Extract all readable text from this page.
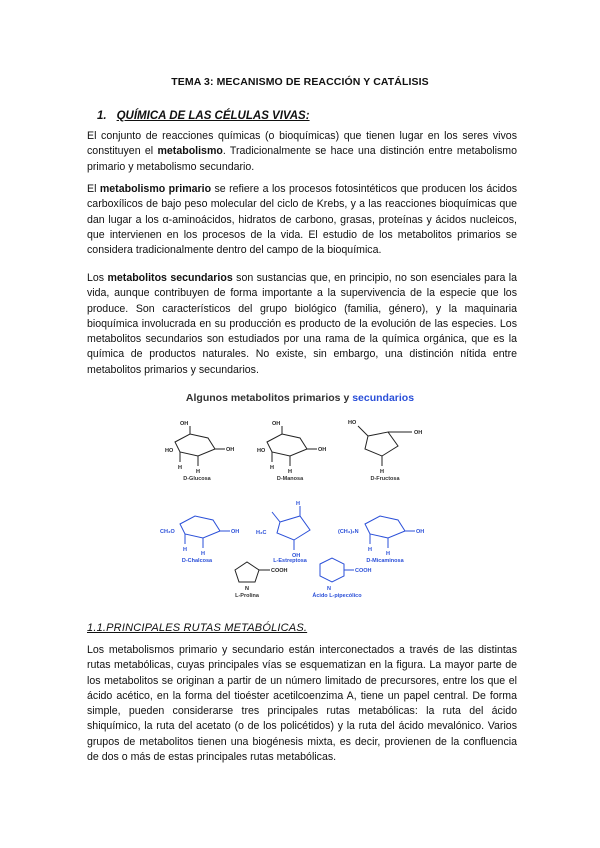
TEMA 3: MECANISMO DE REACCIÓN Y CATÁLISIS
1. QUÍMICA DE LAS CÉLULAS VIVAS:
El conjunto de reacciones químicas (o bioquímicas) que tienen lugar en los seres vivos constituyen el metabolismo. Tradicionalmente se hace una distinción entre metabolismo primario y metabolismo secundario.
El metabolismo primario se refiere a los procesos fotosintéticos que producen los ácidos carboxílicos de bajo peso molecular del ciclo de Krebs, y a las reacciones bioquímicas que dan lugar a los α-aminoácidos, hidratos de carbono, grasas, proteínas y ácidos nucleicos, que intervienen en los procesos de la vida. El estudio de los metabolitos primarios se considera tradicionalmente dentro del campo de la bioquímica.
Los metabolitos secundarios son sustancias que, en principio, no son esenciales para la vida, aunque contribuyen de forma importante a la supervivencia de la especie que los produce. Son característicos del grupo biológico (familia, género), y la maquinaria bioquímica involucrada en su producción es producto de la evolución de las especies. Los metabolitos secundarios son estudiados por una rama de la química orgánica, que es la química de productos naturales. No existe, sin embargo, una distinción nítida entre metabolitos primarios y secundarios.
Algunos metabolitos primarios y secundarios
OH
HO	OH
H
H
OH
HO	OH
H
H
HO
OH
H
N
COOH
CH₃O	OH
H
H
H₃C
H
OH
(CH₃)₂N	OH
H
H
N
COOH
D-Glucosa	D-Manosa	D-Fructosa
D-Chalcosa	L-Estreptosa	D-Micaminosa
L-Prolina	Ácido L-pipecólico
1.1.PRINCIPALES RUTAS METABÓLICAS.
Los metabolismos primario y secundario están interconectados a través de las distintas rutas metabólicas, cuyas principales vías se esquematizan en la figura. La mayor parte de los metabolitos se originan a partir de un número limitado de precursores, entre los que el ácido acético, en la forma del tioéster acetilcoenzima A, tiene un papel central. De forma simple, pueden considerarse tres principales rutas metabólicas: la ruta del ácido shiquímico, la ruta del acetato (o de los policétidos) y la ruta del ácido mevalónico. Varios grupos de metabolitos tienen una biogénesis mixta, es decir, provienen de la confluencia de dos o más de estas principales rutas metabólicas.
